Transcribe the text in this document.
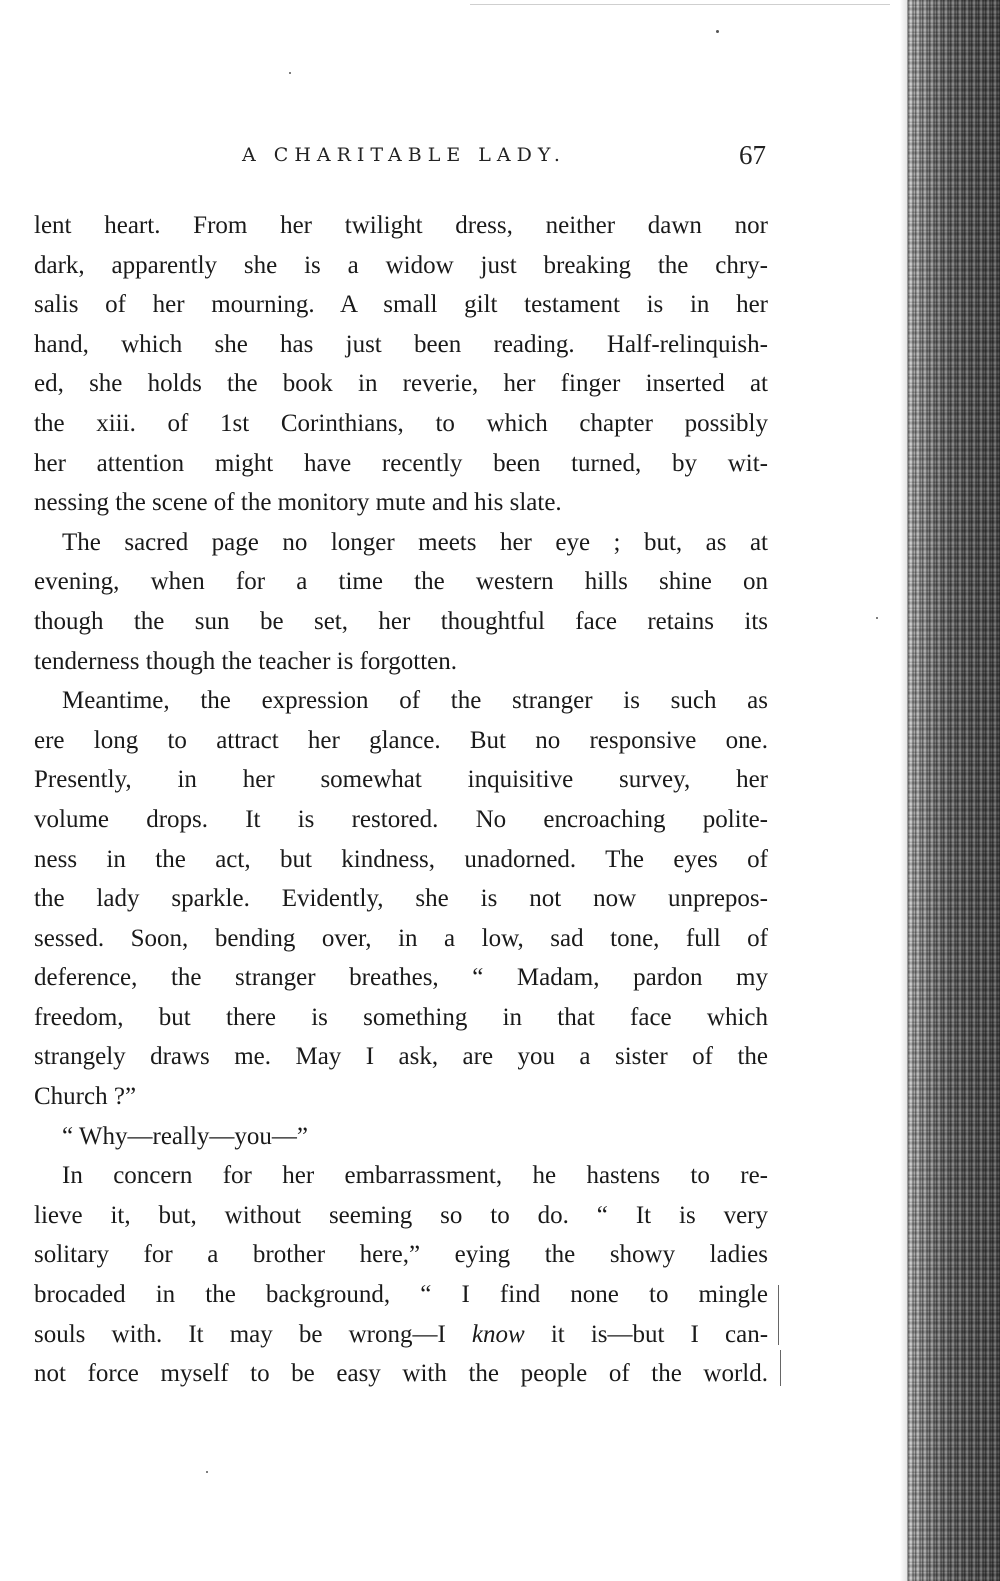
A CHARITABLE LADY.	67
lent heart. From her twilight dress, neither dawn nor
dark, apparently she is a widow just breaking the chry-
salis of her mourning. A small gilt testament is in her
hand, which she has just been reading. Half-relinquish-
ed, she holds the book in reverie, her finger inserted at
the xiii. of 1st Corinthians, to which chapter possibly
her attention might have recently been turned, by wit-
nessing the scene of the monitory mute and his slate.
The sacred page no longer meets her eye ; but, as at
evening, when for a time the western hills shine on
though the sun be set, her thoughtful face retains its
tenderness though the teacher is forgotten.
Meantime, the expression of the stranger is such as
ere long to attract her glance. But no responsive one.
Presently, in her somewhat inquisitive survey, her
volume drops. It is restored. No encroaching polite-
ness in the act, but kindness, unadorned. The eyes of
the lady sparkle. Evidently, she is not now unprepos-
sessed. Soon, bending over, in a low, sad tone, full of
deference, the stranger breathes, “ Madam, pardon my
freedom, but there is something in that face which
strangely draws me. May I ask, are you a sister of the
Church ?”
“ Why—really—you—”
In concern for her embarrassment, he hastens to re-
lieve it, but, without seeming so to do. “ It is very
solitary for a brother here,” eying the showy ladies
brocaded in the background, “ I find none to mingle
souls with. It may be wrong—I know it is—but I can-
not force myself to be easy with the people of the world.
